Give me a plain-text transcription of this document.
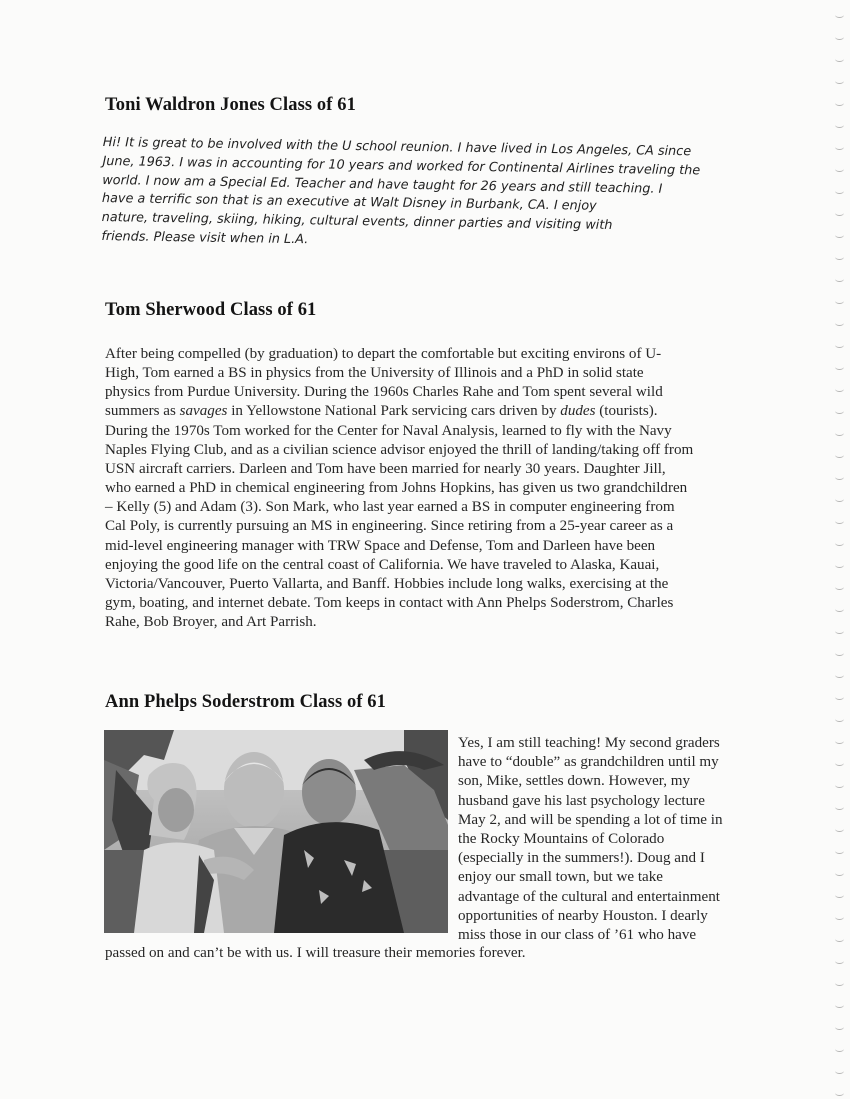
Toni Waldron Jones Class of 61
Hi! It is great to be involved with the U school reunion. I have lived in Los Angeles, CA since
June, 1963. I was in accounting for 10 years and worked for Continental Airlines traveling the
world. I now am a Special Ed. Teacher and have taught for 26 years and still teaching. I
have a terrific son that is an executive at Walt Disney in Burbank, CA. I enjoy
nature, traveling, skiing, hiking, cultural events, dinner parties and visiting with
friends. Please visit when in L.A.
Tom Sherwood Class of 61

After being compelled (by graduation) to depart the comfortable but exciting environs of U-

High, Tom earned a BS in physics from the University of Illinois and a PhD in solid state

physics from Purdue University. During the 1960s Charles Rahe and Tom spent several wild

summers as savages in Yellowstone National Park servicing cars driven by dudes (tourists).

During the 1970s Tom worked for the Center for Naval Analysis, learned to fly with the Navy

Naples Flying Club, and as a civilian science advisor enjoyed the thrill of landing/taking off from

USN aircraft carriers. Darleen and Tom have been married for nearly 30 years. Daughter Jill,

who earned a PhD in chemical engineering from Johns Hopkins, has given us two grandchildren

– Kelly (5) and Adam (3). Son Mark, who last year earned a BS in computer engineering from

Cal Poly, is currently pursuing an MS in engineering. Since retiring from a 25-year career as a

mid-level engineering manager with TRW Space and Defense, Tom and Darleen have been

enjoying the good life on the central coast of California. We have traveled to Alaska, Kauai,

Victoria/Vancouver, Puerto Vallarta, and Banff. Hobbies include long walks, exercising at the

gym, boating, and internet debate. Tom keeps in contact with Ann Phelps Soderstrom, Charles

Rahe, Bob Broyer, and Art Parrish.

Ann Phelps Soderstrom Class of 61

Yes, I am still teaching! My second graders

have to “double” as grandchildren until my

son, Mike, settles down. However, my

husband gave his last psychology lecture

May 2, and will be spending a lot of time in

the Rocky Mountains of Colorado

(especially in the summers!). Doug and I

enjoy our small town, but we take

advantage of the cultural and entertainment

opportunities of nearby Houston. I dearly

miss those in our class of ’61 who have

passed on and can’t be with us. I will treasure their memories forever.
